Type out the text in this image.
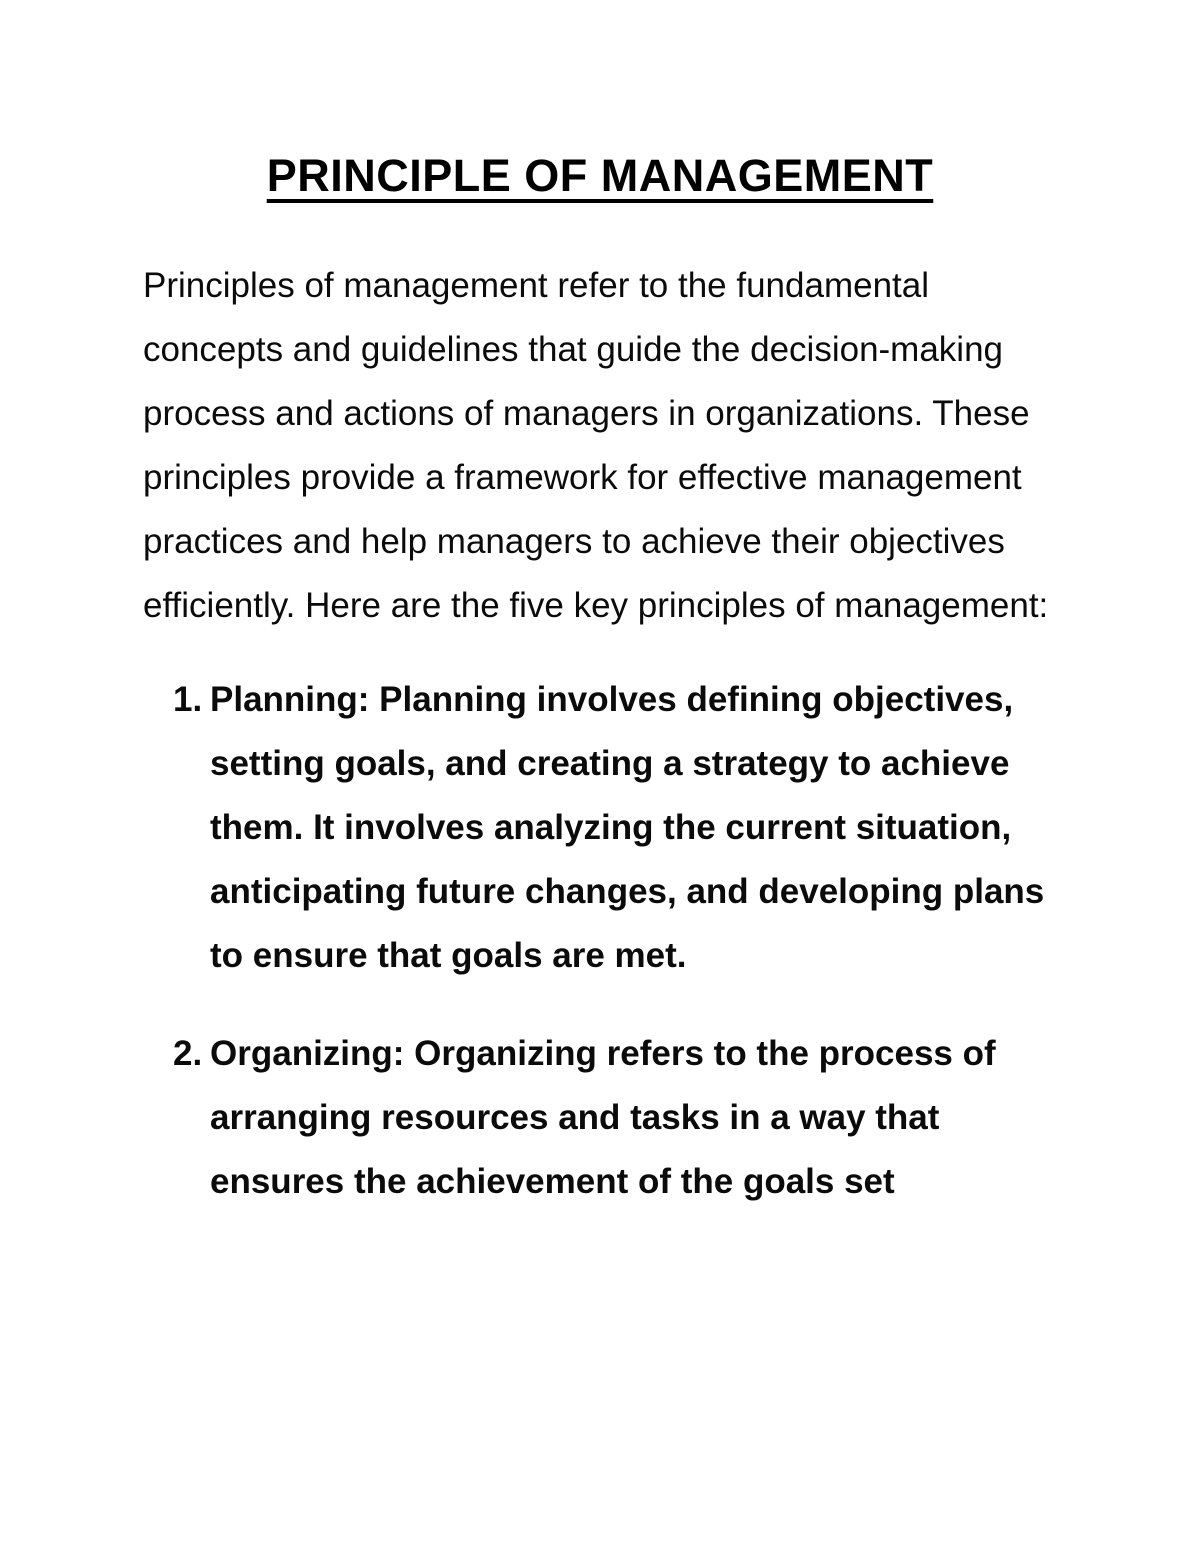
PRINCIPLE OF MANAGEMENT

Principles of management refer to the fundamental concepts and guidelines that guide the decision-making process and actions of managers in organizations. These principles provide a framework for effective management practices and help managers to achieve their objectives efficiently. Here are the five key principles of management:

1. Planning: Planning involves defining objectives, setting goals, and creating a strategy to achieve them. It involves analyzing the current situation, anticipating future changes, and developing plans to ensure that goals are met.
2. Organizing: Organizing refers to the process of arranging resources and tasks in a way that ensures the achievement of the goals set
